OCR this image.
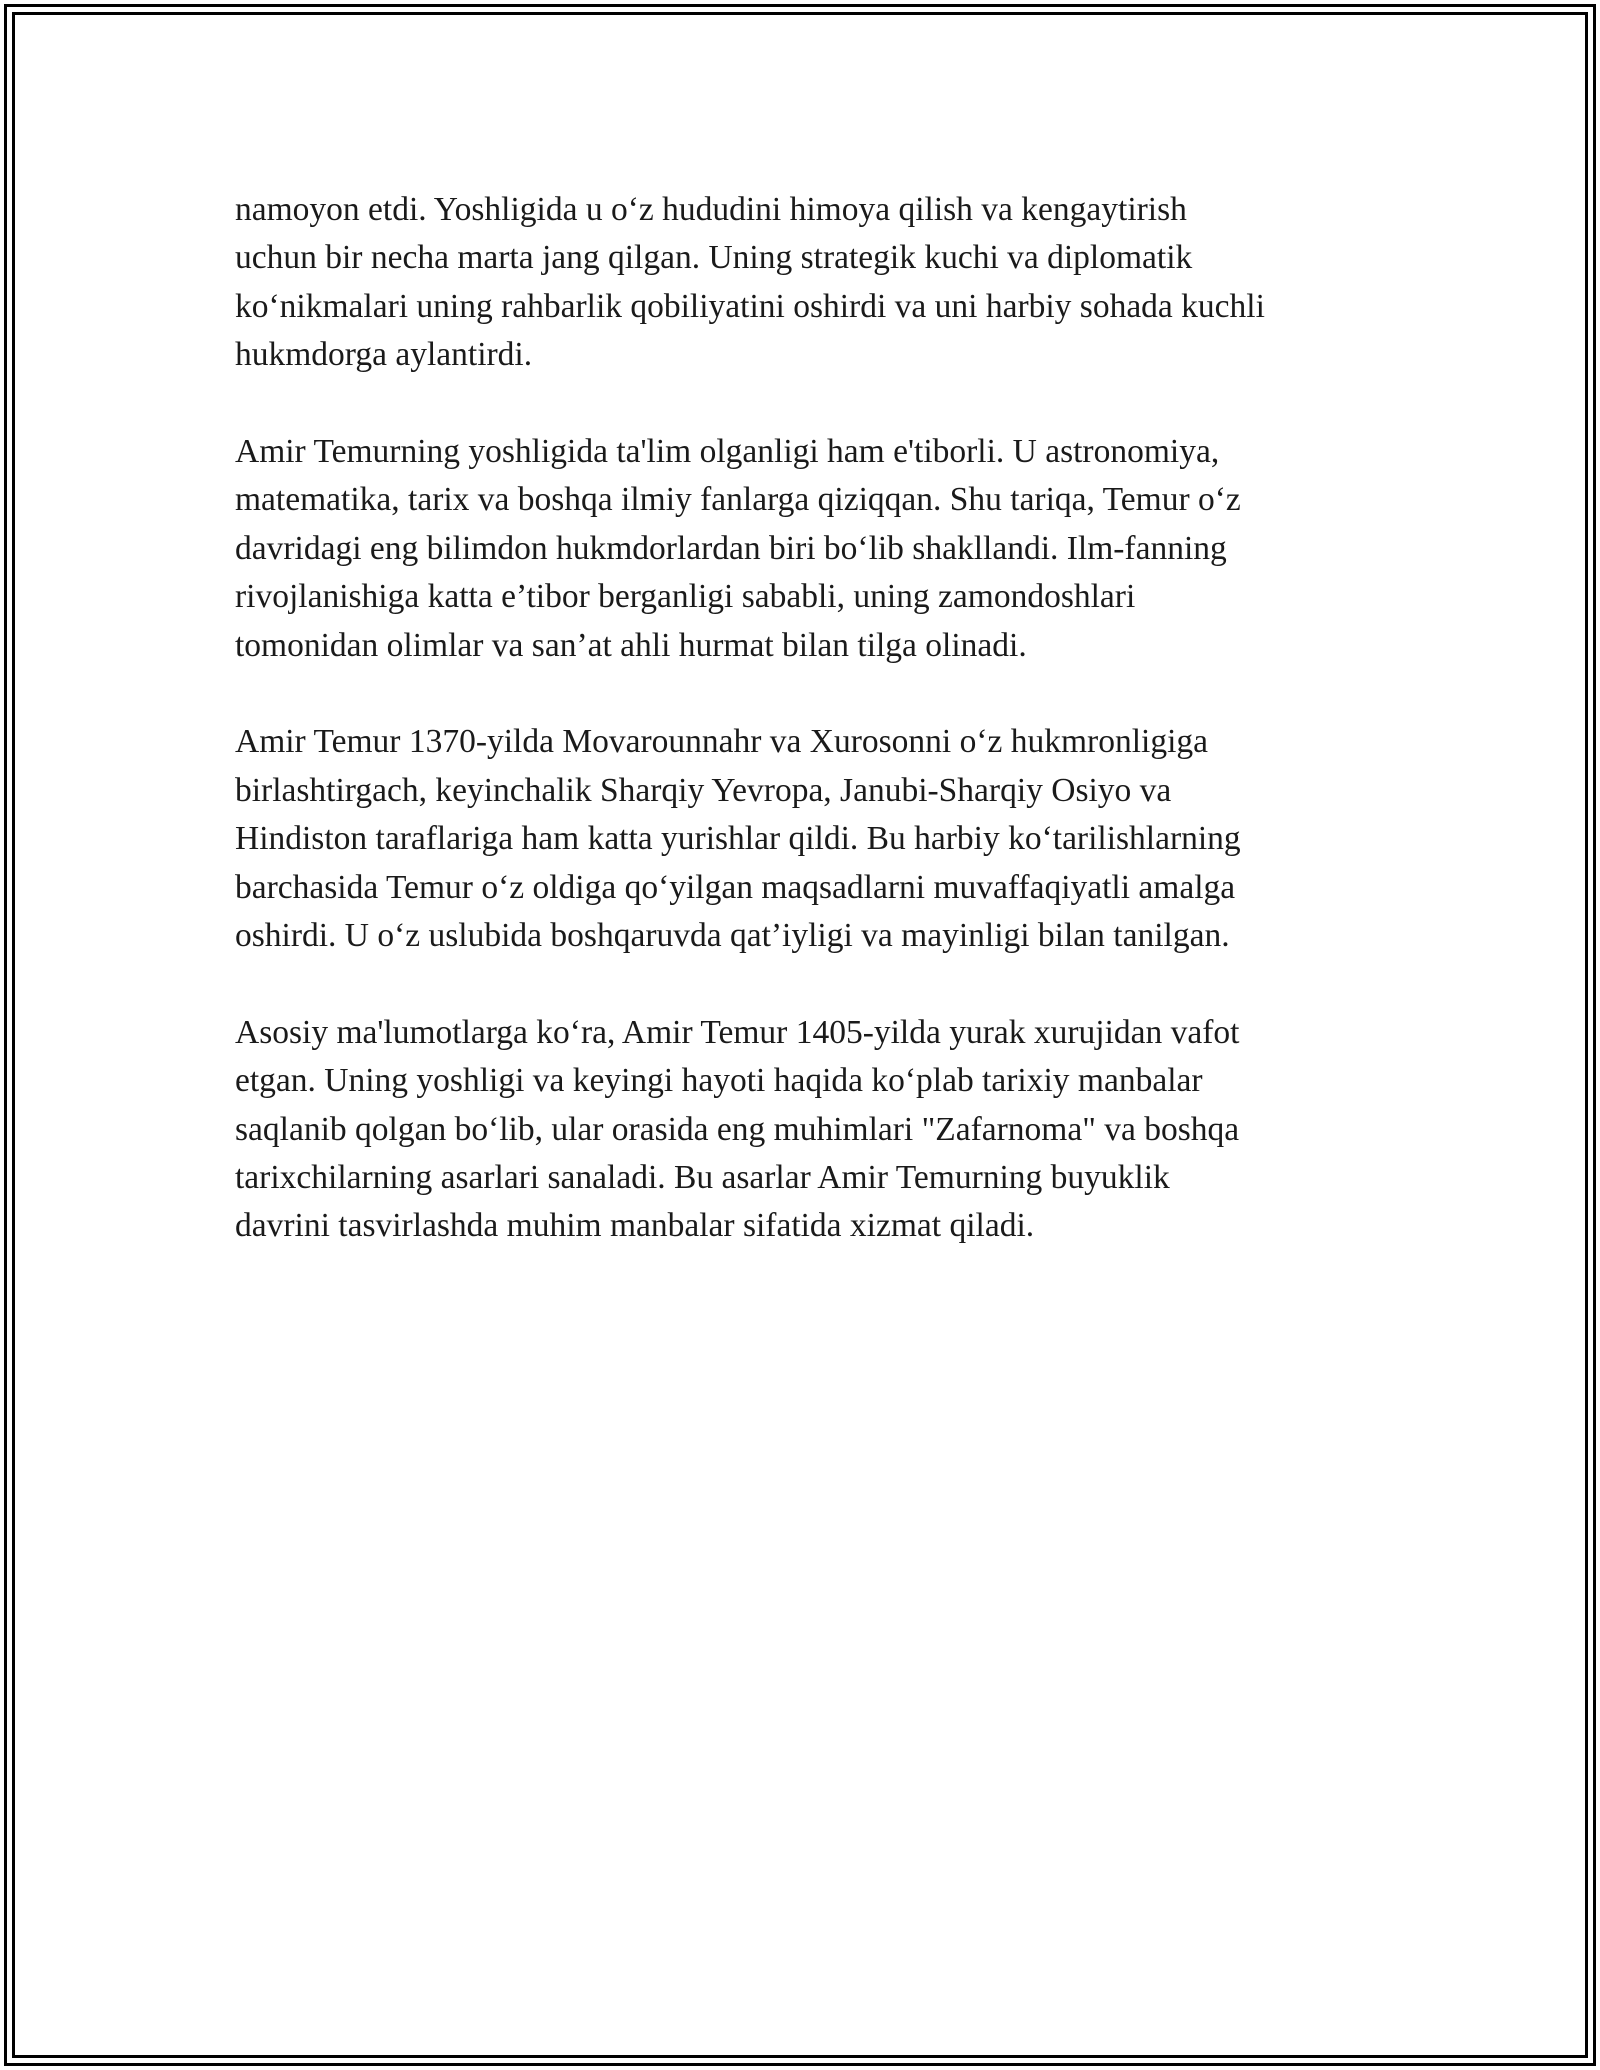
namoyon etdi. Yoshligida u o‘z hududini himoya qilish va kengaytirish
uchun bir necha marta jang qilgan. Uning strategik kuchi va diplomatik
ko‘nikmalari uning rahbarlik qobiliyatini oshirdi va uni harbiy sohada kuchli
hukmdorga aylantirdi.

Amir Temurning yoshligida ta'lim olganligi ham e'tiborli. U astronomiya,
matematika, tarix va boshqa ilmiy fanlarga qiziqqan. Shu tariqa, Temur o‘z
davridagi eng bilimdon hukmdorlardan biri bo‘lib shakllandi. Ilm-fanning
rivojlanishiga katta e’tibor berganligi sababli, uning zamondoshlari
tomonidan olimlar va san’at ahli hurmat bilan tilga olinadi.

Amir Temur 1370-yilda Movarounnahr va Xurosonni o‘z hukmronligiga
birlashtirgach, keyinchalik Sharqiy Yevropa, Janubi-Sharqiy Osiyo va
Hindiston taraflariga ham katta yurishlar qildi. Bu harbiy ko‘tarilishlarning
barchasida Temur o‘z oldiga qo‘yilgan maqsadlarni muvaffaqiyatli amalga
oshirdi. U o‘z uslubida boshqaruvda qat’iyligi va mayinligi bilan tanilgan.

Asosiy ma'lumotlarga ko‘ra, Amir Temur 1405-yilda yurak xurujidan vafot
etgan. Uning yoshligi va keyingi hayoti haqida ko‘plab tarixiy manbalar
saqlanib qolgan bo‘lib, ular orasida eng muhimlari "Zafarnoma" va boshqa
tarixchilarning asarlari sanaladi. Bu asarlar Amir Temurning buyuklik
davrini tasvirlashda muhim manbalar sifatida xizmat qiladi.
